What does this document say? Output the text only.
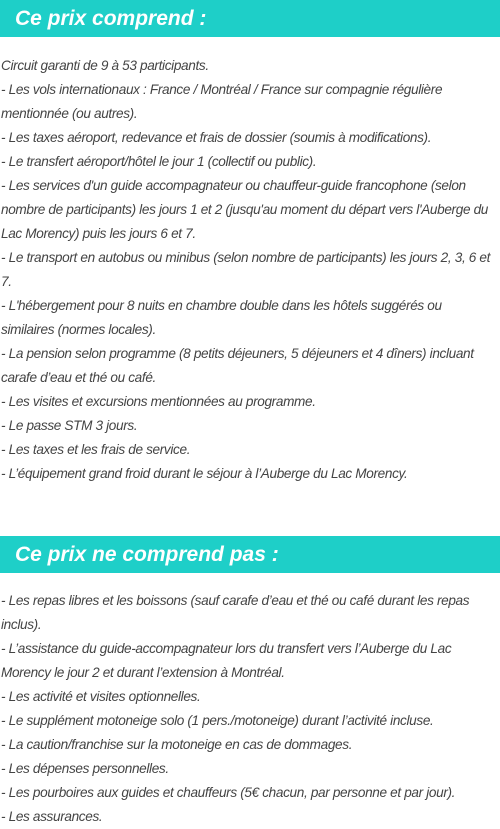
Ce prix comprend :
Circuit garanti de 9 à 53 participants.
- Les vols internationaux : France / Montréal / France sur compagnie régulière mentionnée (ou autres).
- Les taxes aéroport, redevance et frais de dossier (soumis à modifications).
- Le transfert aéroport/hôtel le jour 1 (collectif ou public).
- Les services d'un guide accompagnateur ou chauffeur-guide francophone (selon nombre de participants) les jours 1 et 2 (jusqu'au moment du départ vers l'Auberge du Lac Morency) puis les jours 6 et 7.
- Le transport en autobus ou minibus (selon nombre de participants) les jours 2, 3, 6 et 7.
- L'hébergement pour 8 nuits en chambre double dans les hôtels suggérés ou similaires (normes locales).
- La pension selon programme (8 petits déjeuners, 5 déjeuners et 4 dîners) incluant carafe d’eau et thé ou café.
- Les visites et excursions mentionnées au programme.
- Le passe STM 3 jours.
- Les taxes et les frais de service.
- L’équipement grand froid durant le séjour à l’Auberge du Lac Morency.
Ce prix ne comprend pas :
- Les repas libres et les boissons (sauf carafe d’eau et thé ou café durant les repas inclus).
- L’assistance du guide-accompagnateur lors du transfert vers l’Auberge du Lac Morency le jour 2 et durant l’extension à Montréal.
- Les activité et visites optionnelles.
- Le supplément motoneige solo (1 pers./motoneige) durant l’activité incluse.
- La caution/franchise sur la motoneige en cas de dommages.
- Les dépenses personnelles.
- Les pourboires aux guides et chauffeurs (5€ chacun, par personne et par jour).
- Les assurances.
